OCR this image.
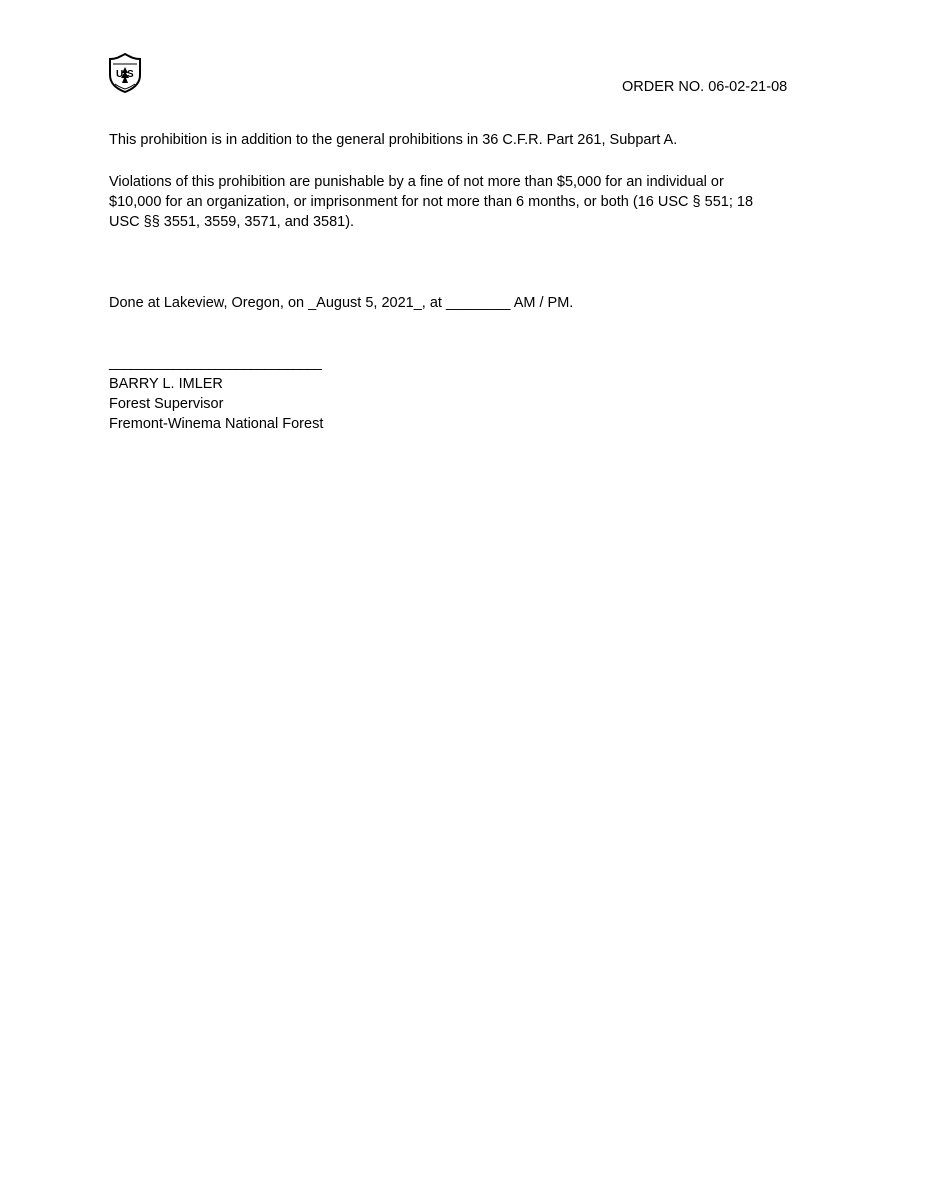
U S
ORDER NO. 06-02-21-08

This prohibition is in addition to the general prohibitions in 36 C.F.R. Part 261, Subpart A.

Violations of this prohibition are punishable by a fine of not more than $5,000 for an individual or
$10,000 for an organization, or imprisonment for not more than 6 months, or both (16 USC § 551; 18
USC §§ 3551, 3559, 3571, and 3581).

Done at Lakeview, Oregon, on _August 5, 2021_, at ________ AM / PM.

______________________________
BARRY L. IMLER
Forest Supervisor
Fremont-Winema National Forest
